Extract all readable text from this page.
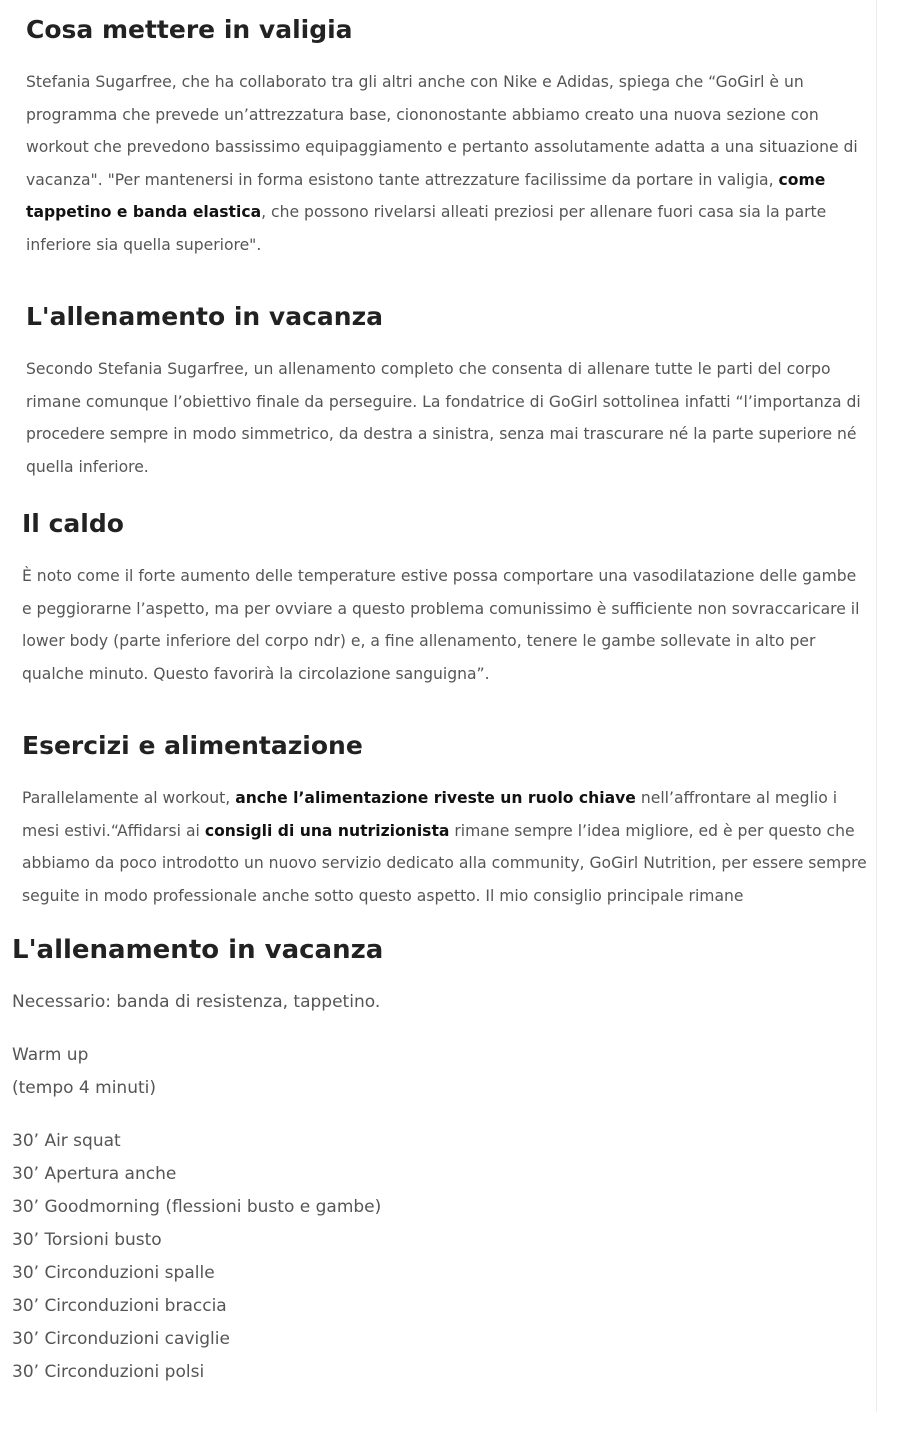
Cosa mettere in valigia

Stefania Sugarfree, che ha collaborato tra gli altri anche con Nike e Adidas, spiega che “GoGirl è un programma che prevede un’attrezzatura base, ciononostante abbiamo creato una nuova sezione con workout che prevedono bassissimo equipaggiamento e pertanto assolutamente adatta a una situazione di vacanza". "Per mantenersi in forma esistono tante attrezzature facilissime da portare in valigia, come tappetino e banda elastica, che possono rivelarsi alleati preziosi per allenare fuori casa sia la parte inferiore sia quella superiore".

L'allenamento in vacanza

Secondo Stefania Sugarfree, un allenamento completo che consenta di allenare tutte le parti del corpo rimane comunque l’obiettivo finale da perseguire. La fondatrice di GoGirl sottolinea infatti “l’importanza di procedere sempre in modo simmetrico, da destra a sinistra, senza mai trascurare né la parte superiore né quella inferiore.

Il caldo

È noto come il forte aumento delle temperature estive possa comportare una vasodilatazione delle gambe e peggiorarne l’aspetto, ma per ovviare a questo problema comunissimo è sufficiente non sovraccaricare il lower body (parte inferiore del corpo ndr) e, a fine allenamento, tenere le gambe sollevate in alto per qualche minuto. Questo favorirà la circolazione sanguigna”.

Esercizi e alimentazione

Parallelamente al workout, anche l’alimentazione riveste un ruolo chiave nell’affrontare al meglio i mesi estivi.“Affidarsi ai consigli di una nutrizionista rimane sempre l’idea migliore, ed è per questo che abbiamo da poco introdotto un nuovo servizio dedicato alla community, GoGirl Nutrition, per essere sempre seguite in modo professionale anche sotto questo aspetto. Il mio consiglio principale rimane

L'allenamento in vacanza
Necessario: banda di resistenza, tappetino.
Warm up
(tempo 4 minuti)
30’ Air squat
30’ Apertura anche
30’ Goodmorning (flessioni busto e gambe)
30’ Torsioni busto
30’ Circonduzioni spalle
30’ Circonduzioni braccia
30’ Circonduzioni caviglie
30’ Circonduzioni polsi
